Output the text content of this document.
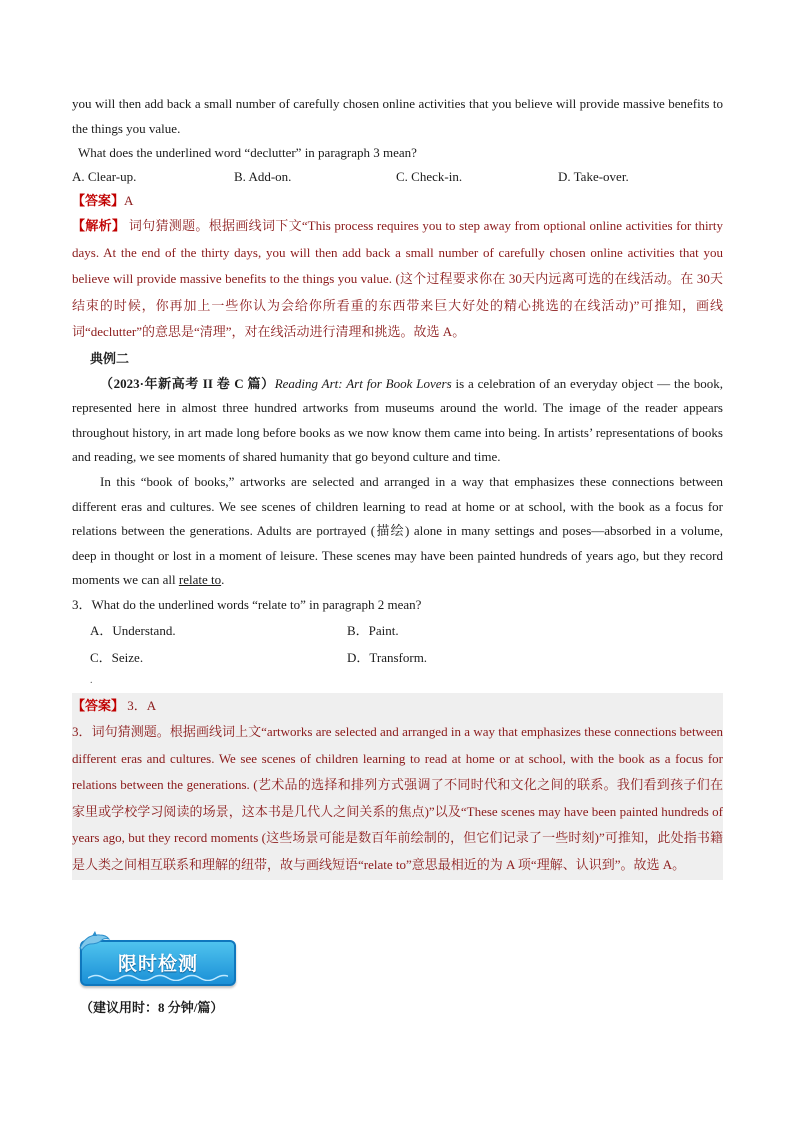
you will then add back a small number of carefully chosen online activities that you believe will provide massive benefits to the things you value.

What does the underlined word “declutter” in paragraph 3 mean?

A. Clear-up.	B. Add-on.	C. Check-in.	D. Take-over.

【答案】A

【解析】 词句猜测题。根据画线词下文“This process requires you to step away from optional online activities for thirty days. At the end of the thirty days, you will then add back a small number of carefully chosen online activities that you believe will provide massive benefits to the things you value. (这个过程要求你在 30天内远离可选的在线活动。在 30天结束的时候，你再加上一些你认为会给你所看重的东西带来巨大好处的精心挑选的在线活动)”可推知，画线词“declutter”的意思是“清理”，对在线活动进行清理和挑选。故选 A。

典例二

（2023·年新高考 II 卷 C 篇）Reading Art: Art for Book Lovers is a celebration of an everyday object — the book, represented here in almost three hundred artworks from museums around the world. The image of the reader appears throughout history, in art made long before books as we now know them came into being. In artists’ representations of books and reading, we see moments of shared humanity that go beyond culture and time.

In this “book of books,” artworks are selected and arranged in a way that emphasizes these connections between different eras and cultures. We see scenes of children learning to read at home or at school, with the book as a focus for relations between the generations. Adults are portrayed (描绘) alone in many settings and poses—absorbed in a volume, deep in thought or lost in a moment of leisure. These scenes may have been painted hundreds of years ago, but they record moments we can all relate to.

3．What do the underlined words “relate to” in paragraph 2 mean?

A．Understand.	B．Paint.
C．Seize.	D．Transform.

.

【答案】 3．A

3．词句猜测题。根据画线词上文“artworks are selected and arranged in a way that emphasizes these connections between different eras and cultures. We see scenes of children learning to read at home or at school, with the book as a focus for relations between the generations. (艺术品的选择和排列方式强调了不同时代和文化之间的联系。我们看到孩子们在家里或学校学习阅读的场景，这本书是几代人之间关系的焦点)”以及“These scenes may have been painted hundreds of years ago, but they record moments (这些场景可能是数百年前绘制的，但它们记录了一些时刻)”可推知，此处指书籍是人类之间相互联系和理解的纽带，故与画线短语“relate to”意思最相近的为 A 项“理解、认识到”。故选 A。

限时检测

（建议用时：8 分钟/篇）
